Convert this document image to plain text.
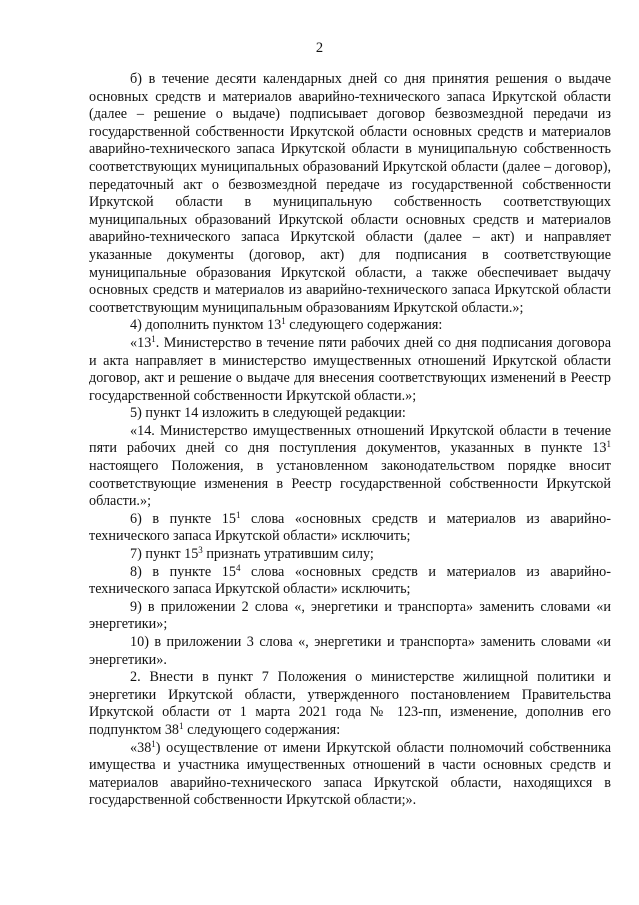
2

б) в течение десяти календарных дней со дня принятия решения о выдаче основных средств и материалов аварийно-технического запаса Иркутской области (далее – решение о выдаче) подписывает договор безвозмездной передачи из государственной собственности Иркутской области основных средств и материалов аварийно-технического запаса Иркутской области в муниципальную собственность соответствующих муниципальных образований Иркутской области (далее – договор), передаточный акт о безвозмездной передаче из государственной собственности Иркутской области в муниципальную собственность соответствующих муниципальных образований Иркутской области основных средств и материалов аварийно-технического запаса Иркутской области (далее – акт) и направляет указанные документы (договор, акт) для подписания в соответствующие муниципальные образования Иркутской области, а также обеспечивает выдачу основных средств и материалов из аварийно-технического запаса Иркутской области соответствующим муниципальным образованиям Иркутской области.»;

4) дополнить пунктом $13^1$ следующего содержания:

«$13^1$. Министерство в течение пяти рабочих дней со дня подписания договора и акта направляет в министерство имущественных отношений Иркутской области договор, акт и решение о выдаче для внесения соответствующих изменений в Реестр государственной собственности Иркутской области.»;

5) пункт 14 изложить в следующей редакции:

«14. Министерство имущественных отношений Иркутской области в течение пяти рабочих дней со дня поступления документов, указанных в пункте $13^1$ настоящего Положения, в установленном законодательством порядке вносит соответствующие изменения в Реестр государственной собственности Иркутской области.»;

6) в пункте $15^1$ слова «основных средств и материалов из аварийно-технического запаса Иркутской области» исключить;

7) пункт $15^3$ признать утратившим силу;

8) в пункте $15^4$ слова «основных средств и материалов из аварийно-технического запаса Иркутской области» исключить;

9) в приложении 2 слова «, энергетики и транспорта» заменить словами «и энергетики»;

10) в приложении 3 слова «, энергетики и транспорта» заменить словами «и энергетики».

2. Внести в пункт 7 Положения о министерстве жилищной политики и энергетики Иркутской области, утвержденного постановлением Правительства Иркутской области от 1 марта 2021 года № 123-пп, изменение, дополнив его подпунктом $38^1$ следующего содержания:

«$38^1$) осуществление от имени Иркутской области полномочий собственника имущества и участника имущественных отношений в части основных средств и материалов аварийно-технического запаса Иркутской области, находящихся в государственной собственности Иркутской области;».
